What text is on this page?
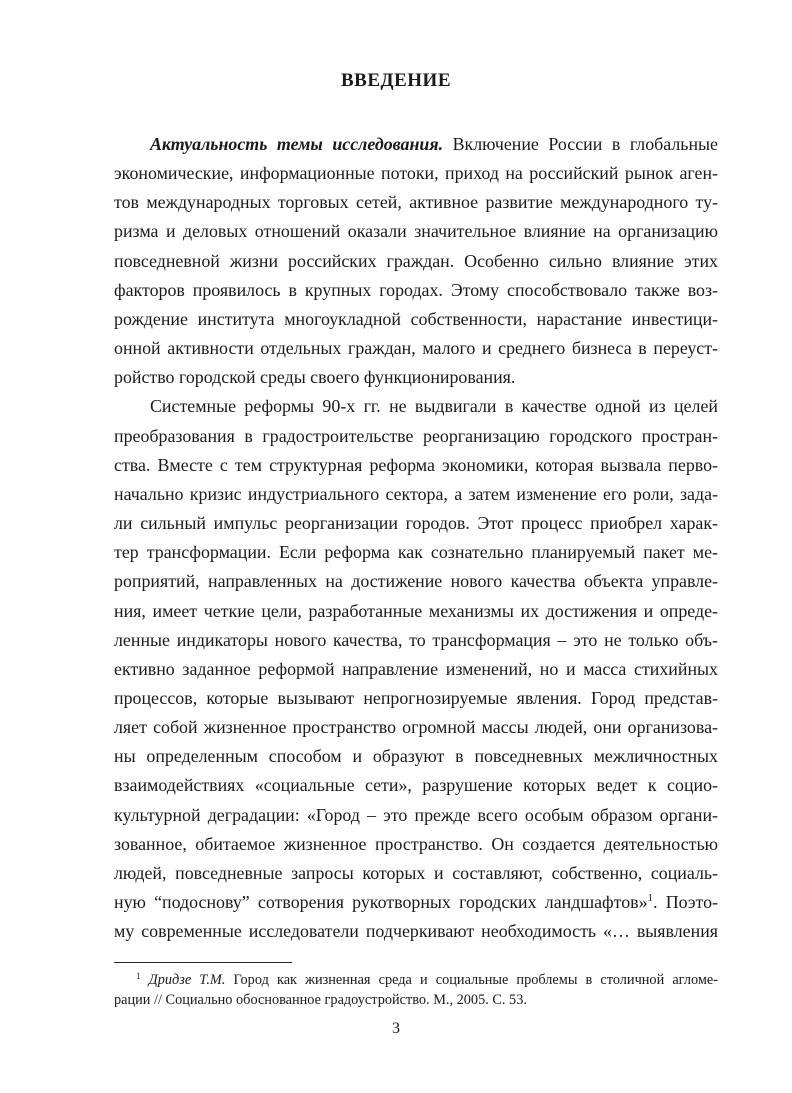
ВВЕДЕНИЕ
Актуальность темы исследования. Включение России в глобальные
экономические, информационные потоки, приход на российский рынок аген-
тов международных торговых сетей, активное развитие международного ту-
ризма и деловых отношений оказали значительное влияние на организацию
повседневной жизни российских граждан. Особенно сильно влияние этих
факторов проявилось в крупных городах. Этому способствовало также воз-
рождение института многоукладной собственности, нарастание инвестици-
онной активности отдельных граждан, малого и среднего бизнеса в переуст-
ройство городской среды своего функционирования.
Системные реформы 90-х гг. не выдвигали в качестве одной из целей
преобразования в градостроительстве реорганизацию городского простран-
ства. Вместе с тем структурная реформа экономики, которая вызвала перво-
начально кризис индустриального сектора, а затем изменение его роли, зада-
ли сильный импульс реорганизации городов. Этот процесс приобрел харак-
тер трансформации. Если реформа как сознательно планируемый пакет ме-
роприятий, направленных на достижение нового качества объекта управле-
ния, имеет четкие цели, разработанные механизмы их достижения и опреде-
ленные индикаторы нового качества, то трансформация – это не только объ-
ективно заданное реформой направление изменений, но и масса стихийных
процессов, которые вызывают непрогнозируемые явления. Город представ-
ляет собой жизненное пространство огромной массы людей, они организова-
ны определенным способом и образуют в повседневных межличностных
взаимодействиях «социальные сети», разрушение которых ведет к социо-
культурной деградации: «Город – это прежде всего особым образом органи-
зованное, обитаемое жизненное пространство. Он создается деятельностью
людей, повседневные запросы которых и составляют, собственно, социаль-
ную “подоснову” сотворения рукотворных городских ландшафтов»$^1$. Поэто-
му современные исследователи подчеркивают необходимость «… выявления
$^1$ Дридзе Т.М. Город как жизненная среда и социальные проблемы в столичной агломе-
рации // Социально обоснованное градоустройство. М., 2005. С. 53.
3
